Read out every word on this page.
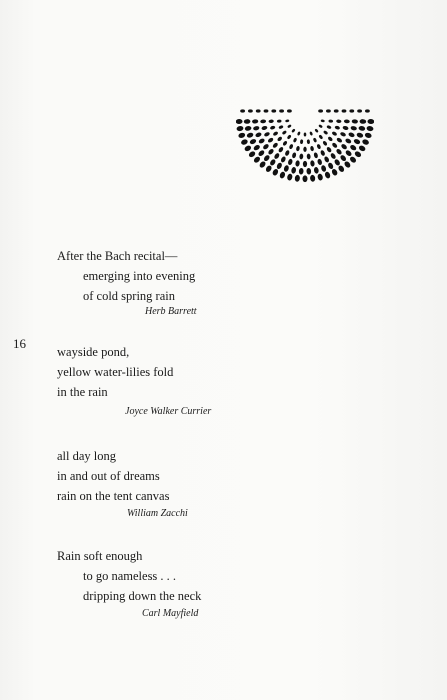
16
After the Bach recital—
emerging into evening
of cold spring rain
Herb Barrett
wayside pond,
yellow water-lilies fold
in the rain
Joyce Walker Currier
all day long
in and out of dreams
rain on the tent canvas
William Zacchi
Rain soft enough
to go nameless . . .
dripping down the neck
Carl Mayfield
